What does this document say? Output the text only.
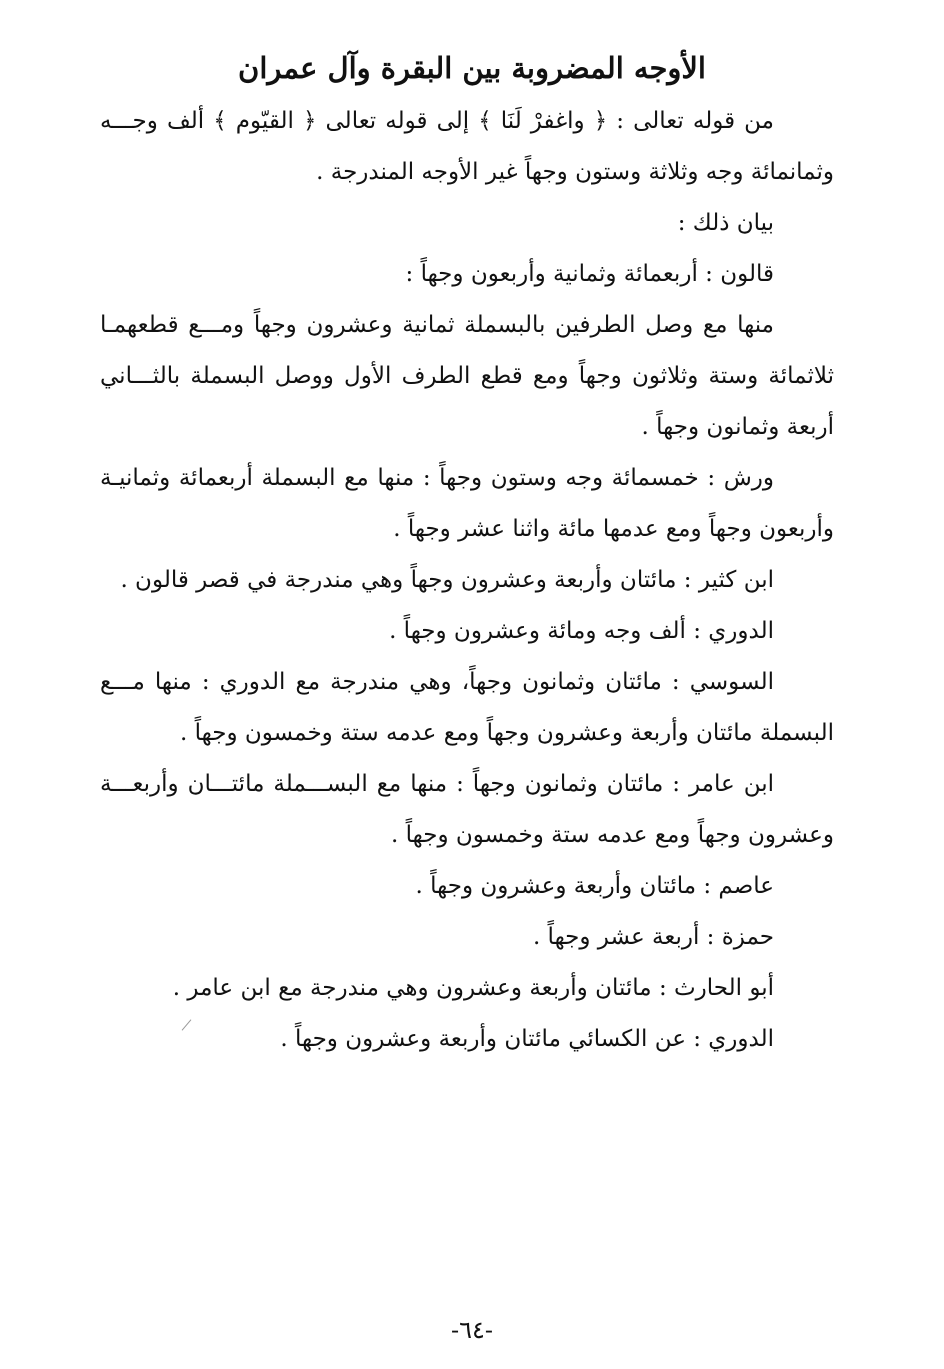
الأوجه المضروبة بين البقرة وآل عمران
من قوله تعالى : ﴿ واغفرْ لَنَا ﴾ إلى قوله تعالى ﴿ القيّوم ﴾ ألف وجـــه
وثمانمائة وجه وثلاثة وستون وجهاً غير الأوجه المندرجة .
بيان ذلك :
قالون : أربعمائة وثمانية وأربعون وجهاً :
منها مع وصل الطرفين بالبسملة ثمانية وعشرون وجهاً ومـــع قطعهمـا
ثلاثمائة وستة وثلاثون وجهاً ومع قطع الطرف الأول ووصل البسملة بالثـــاني
أربعة وثمانون وجهاً .
ورش : خمسمائة وجه وستون وجهاً : منها مع البسملة أربعمائة وثمانيـة
وأربعون وجهاً ومع عدمها مائة واثنا عشر وجهاً .
ابن كثير : مائتان وأربعة وعشرون وجهاً وهي مندرجة في قصر قالون .
الدوري : ألف وجه ومائة وعشرون وجهاً .
السوسي : مائتان وثمانون وجهاً، وهي مندرجة مع الدوري : منها مـــع
البسملة مائتان وأربعة وعشرون وجهاً ومع عدمه ستة وخمسون وجهاً .
ابن عامر : مائتان وثمانون وجهاً : منها مع البســـملة مائتـــان وأربعـــة
وعشرون وجهاً ومع عدمه ستة وخمسون وجهاً .
عاصم : مائتان وأربعة وعشرون وجهاً .
حمزة : أربعة عشر وجهاً .
أبو الحارث : مائتان وأربعة وعشرون وهي مندرجة مع ابن عامر .
الدوري : عن الكسائي مائتان وأربعة وعشرون وجهاً .
-٦٤-
